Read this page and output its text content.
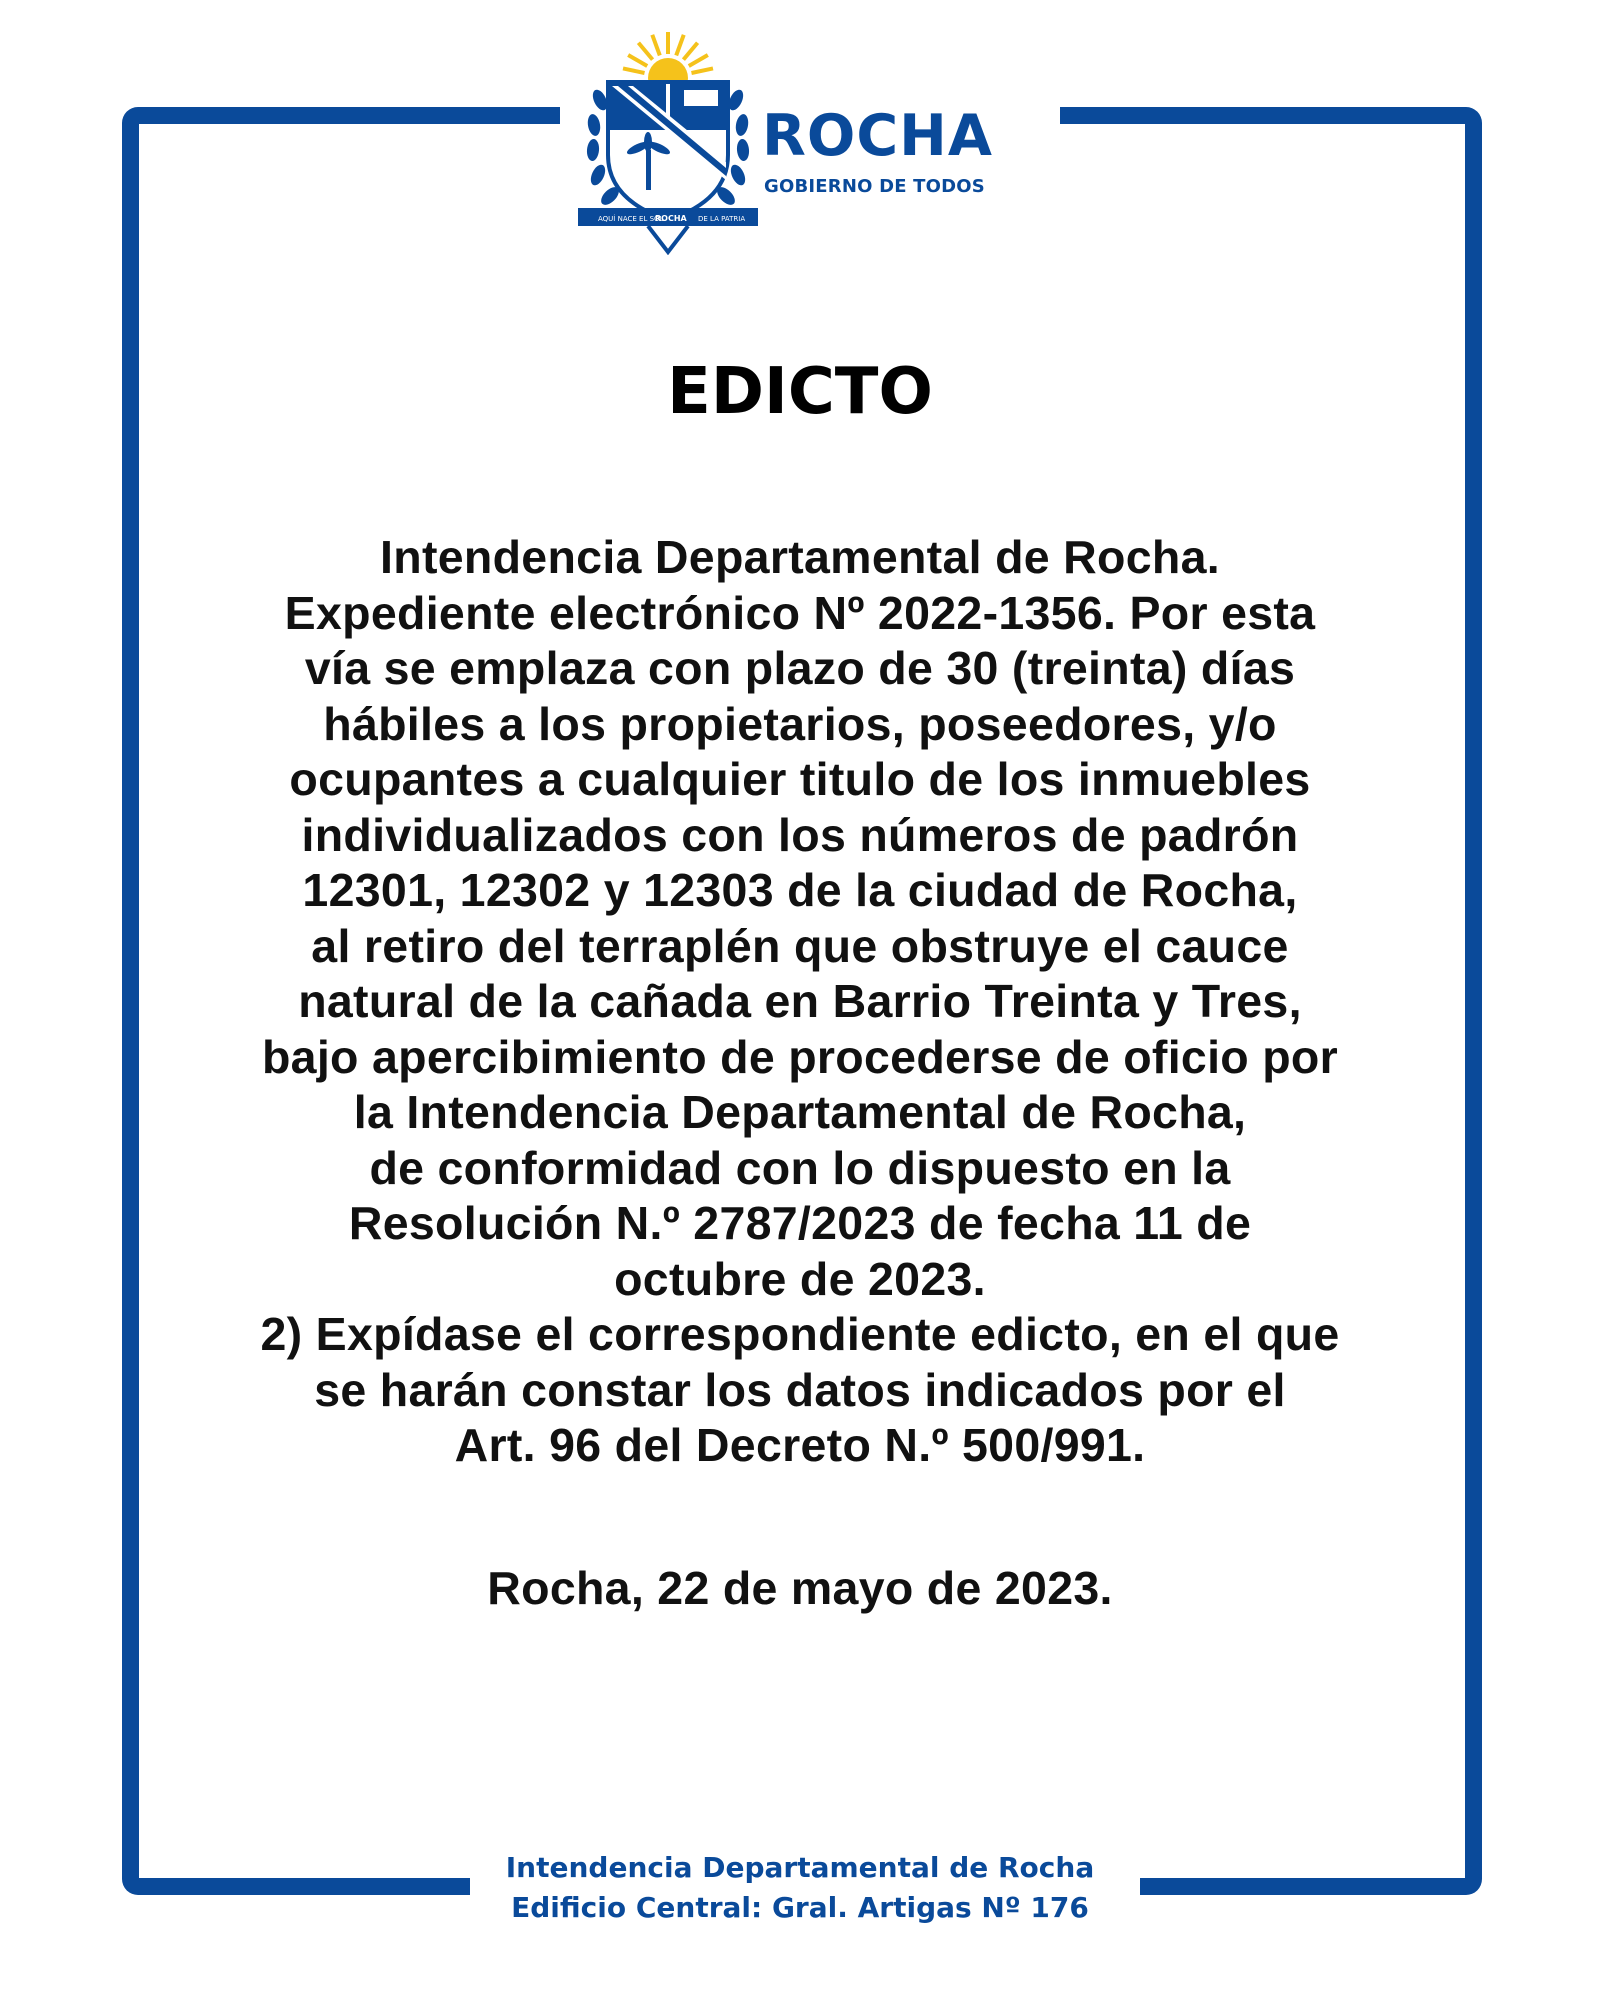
AQUÍ NACE EL SOL
ROCHA DE LA PATRIA
ROCHA
GOBIERNO DE TODOS
EDICTO
Intendencia Departamental de Rocha.
Expediente electrónico Nº 2022-1356. Por esta
vía se emplaza con plazo de 30 (treinta) días
hábiles a los propietarios, poseedores, y/o
ocupantes a cualquier titulo de los inmuebles
individualizados con los números de padrón
12301, 12302 y 12303 de la ciudad de Rocha,
al retiro del terraplén que obstruye el cauce
natural de la cañada en Barrio Treinta y Tres,
bajo apercibimiento de procederse de oficio por
la Intendencia Departamental de Rocha,
de conformidad con lo dispuesto en la
Resolución N.º 2787/2023 de fecha 11 de
octubre de 2023.
2) Expídase el correspondiente edicto, en el que
se harán constar los datos indicados por el
Art. 96 del Decreto N.º 500/991.
Rocha, 22 de mayo de 2023.
Intendencia Departamental de Rocha
Edificio Central: Gral. Artigas Nº 176
